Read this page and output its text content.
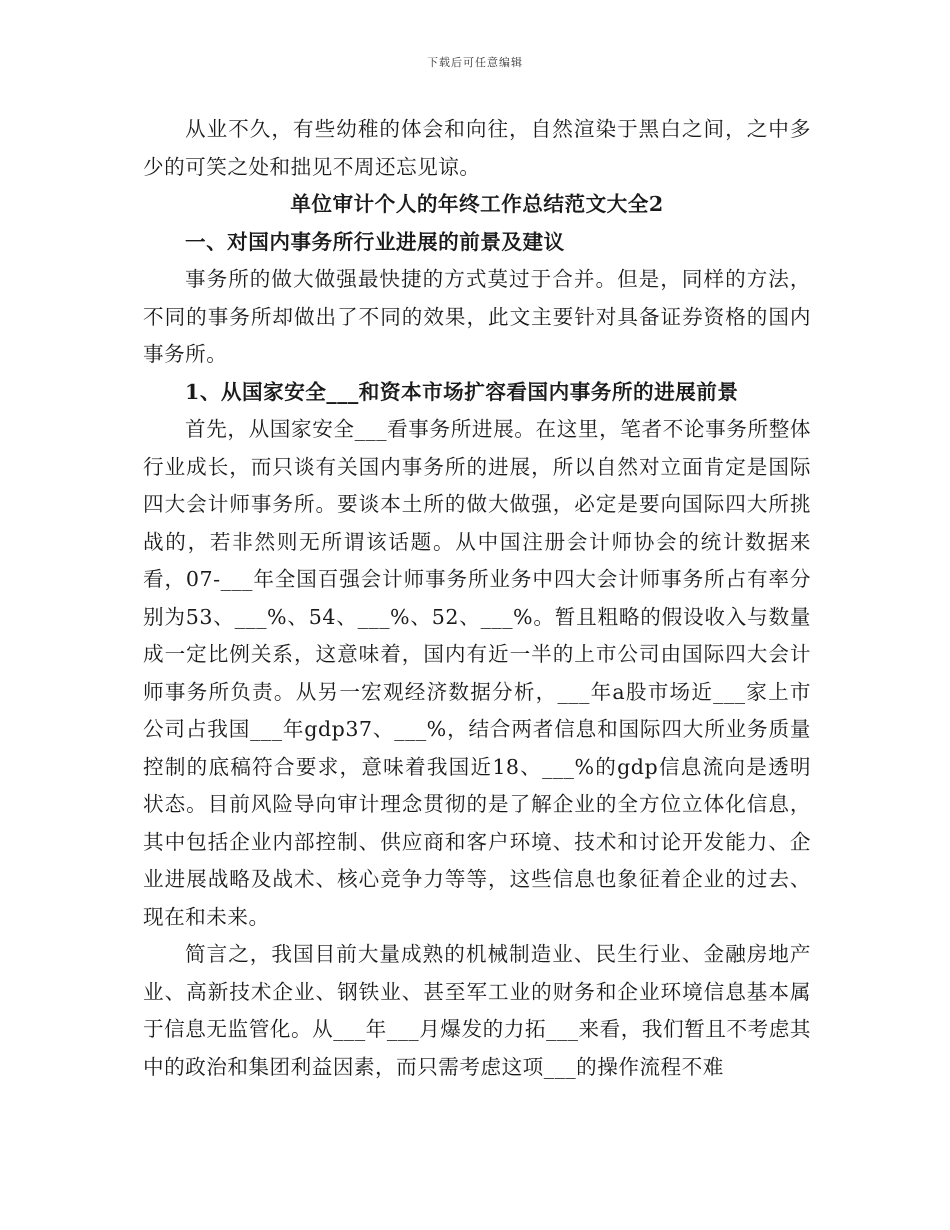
下载后可任意编辑

从业不久，有些幼稚的体会和向往，自然渲染于黑白之间，之中多少的可笑之处和拙见不周还忘见谅。

单位审计个人的年终工作总结范文大全2

一、对国内事务所行业进展的前景及建议

事务所的做大做强最快捷的方式莫过于合并。但是，同样的方法，不同的事务所却做出了不同的效果，此文主要针对具备证券资格的国内事务所。

1、从国家安全___和资本市场扩容看国内事务所的进展前景

首先，从国家安全___看事务所进展。在这里，笔者不论事务所整体行业成长，而只谈有关国内事务所的进展，所以自然对立面肯定是国际四大会计师事务所。要谈本土所的做大做强，必定是要向国际四大所挑战的，若非然则无所谓该话题。从中国注册会计师协会的统计数据来看，07-___年全国百强会计师事务所业务中四大会计师事务所占有率分别为53、___%、54、___%、52、___%。暂且粗略的假设收入与数量成一定比例关系，这意味着，国内有近一半的上市公司由国际四大会计师事务所负责。从另一宏观经济数据分析，___年a股市场近___家上市公司占我国___年gdp37、___%，结合两者信息和国际四大所业务质量控制的底稿符合要求，意味着我国近18、___%的gdp信息流向是透明状态。目前风险导向审计理念贯彻的是了解企业的全方位立体化信息，其中包括企业内部控制、供应商和客户环境、技术和讨论开发能力、企业进展战略及战术、核心竞争力等等，这些信息也象征着企业的过去、现在和未来。

简言之，我国目前大量成熟的机械制造业、民生行业、金融房地产业、高新技术企业、钢铁业、甚至军工业的财务和企业环境信息基本属于信息无监管化。从___年___月爆发的力拓___来看，我们暂且不考虑其中的政治和集团利益因素，而只需考虑这项___的操作流程不难
